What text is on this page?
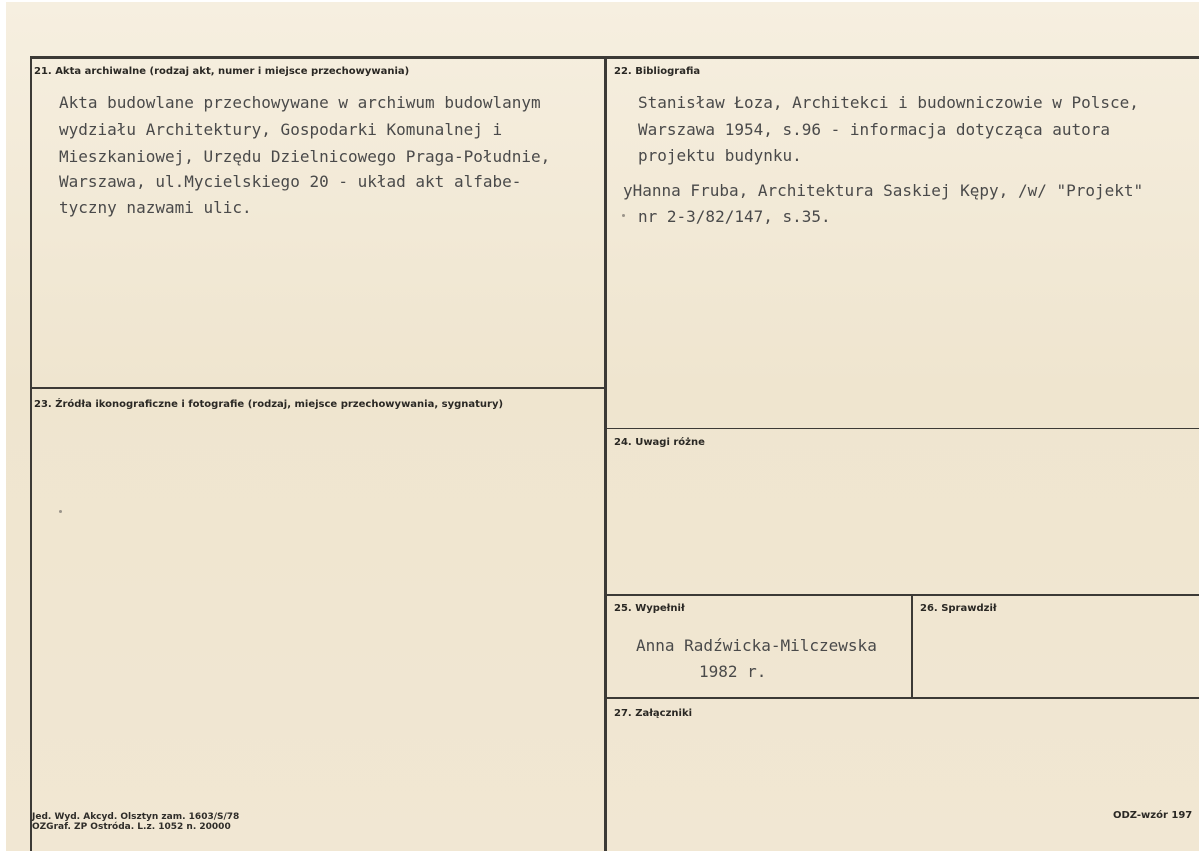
21. Akta archiwalne (rodzaj akt, numer i miejsce przechowywania)
Akta budowlane przechowywane w archiwum budowlanym
wydziału Architektury, Gospodarki Komunalnej i
Mieszkaniowej, Urzędu Dzielnicowego Praga-Południe,
Warszawa, ul.Mycielskiego 20 - układ akt alfabe-
tyczny nazwami ulic.
22. Bibliografia
Stanisław Łoza, Architekci i budowniczowie w Polsce,
Warszawa 1954, s.96 - informacja dotycząca autora
projektu budynku.
yHanna Fruba, Architektura Saskiej Kępy, /w/ "Projekt"
nr 2-3/82/147, s.35.
23. Źródła ikonograficzne i fotografie (rodzaj, miejsce przechowywania, sygnatury)
24. Uwagi różne
25. Wypełnił
Anna Radźwicka-Milczewska
1982 r.
26. Sprawdził
27. Załączniki
Jed. Wyd. Akcyd. Olsztyn zam. 1603/S/78
OZGraf. ZP Ostróda. L.z. 1052 n. 20000
ODZ-wzór 197
